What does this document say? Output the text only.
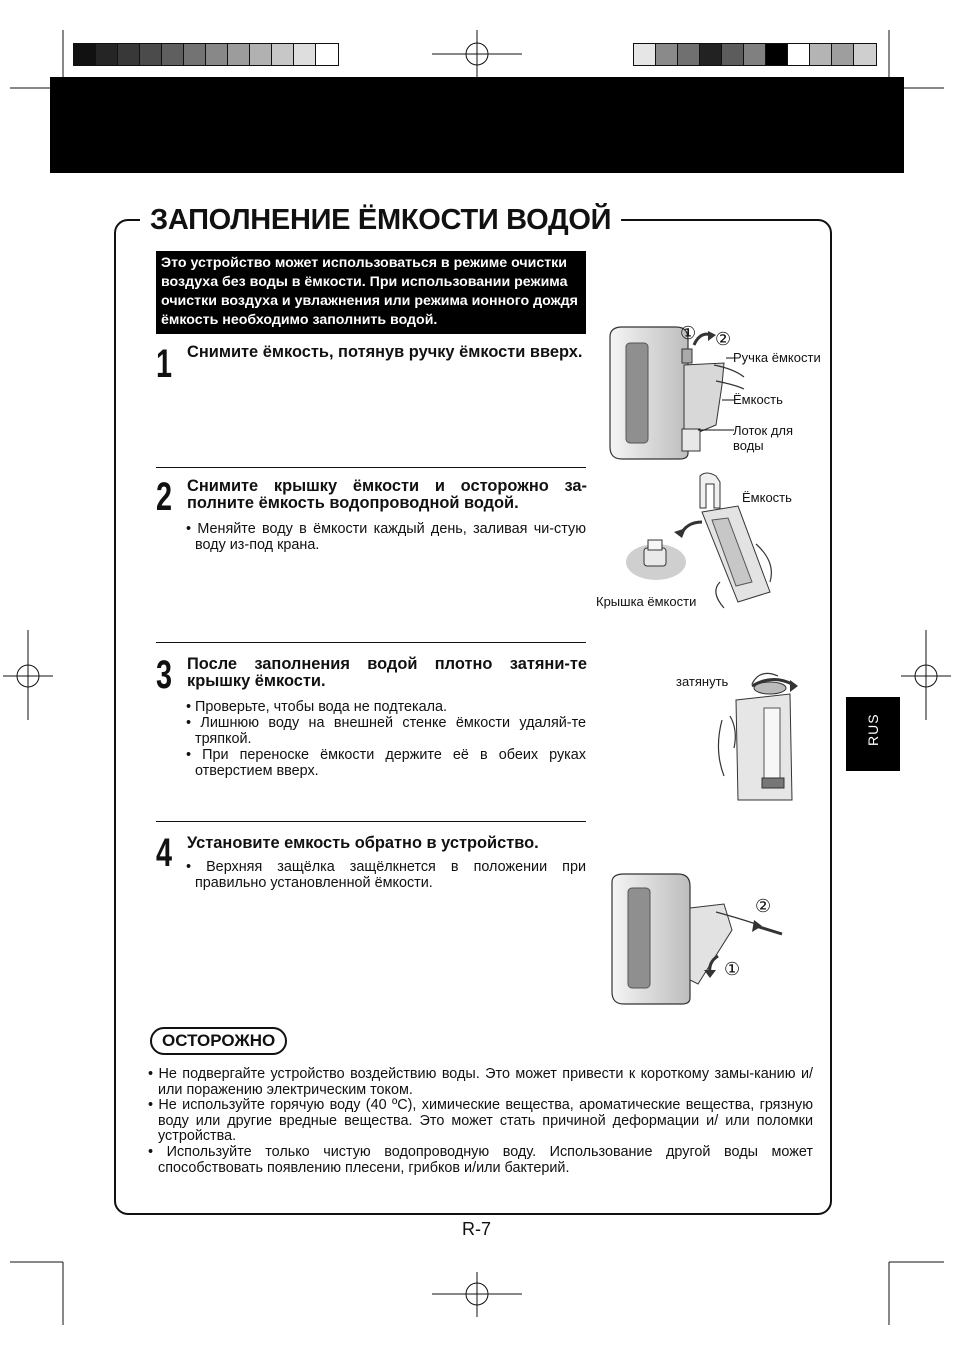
ЗАПОЛНЕНИЕ ЁМКОСТИ ВОДОЙ
Это устройство может использоваться в режиме очистки воздуха без воды в ёмкости. При использовании режима очистки воздуха и увлажнения или режима ионного дождя ёмкость необходимо заполнить водой.
1 Снимите ёмкость, потянув ручку ёмкости вверх.
2 Снимите крышку ёмкости и осторожно за-полните ёмкость водопроводной водой.
• Меняйте воду в ёмкости каждый день, заливая чи-стую воду из-под крана.
3 После заполнения водой плотно затяни-те крышку ёмкости.
• Проверьте, чтобы вода не подтекала.
• Лишнюю воду на внешней стенке ёмкости удаляй-те тряпкой.
• При переноске ёмкости держите её в обеих руках отверстием вверх.
4 Установите емкость обратно в устройство.
• Верхняя защёлка защёлкнется в положении при правильно установленной ёмкости.
① ②
Ручка ёмкости
Ёмкость
Лоток для
воды
Ёмкость
Крышка ёмкости
затянуть
②
①
ОСТОРОЖНО
• Не подвергайте устройство воздействию воды. Это может привести к короткому замы-канию и/или поражению электрическим током.
• Не используйте горячую воду (40 ºC), химические вещества, ароматические вещества, грязную воду или другие вредные вещества. Это может стать причиной деформации и/ или поломки устройства.
• Используйте только чистую водопроводную воду. Использование другой воды может способствовать появлению плесени, грибков и/или бактерий.
RUS
R-7
